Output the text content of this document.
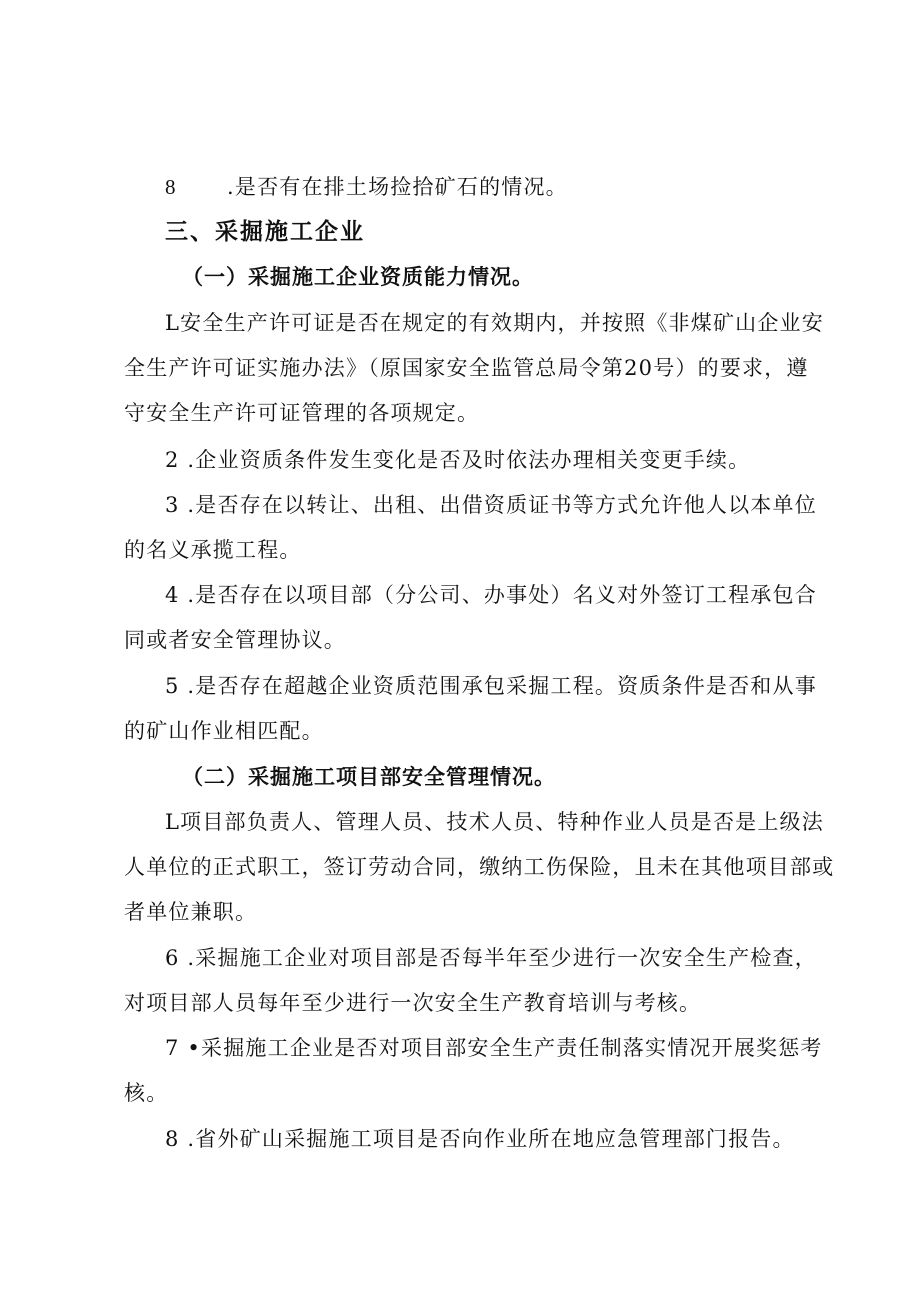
8 .是否有在排土场捡拾矿石的情况。
三、采掘施工企业
（一）采掘施工企业资质能力情况。
L安全生产许可证是否在规定的有效期内，并按照《非煤矿山企业安
全生产许可证实施办法》（原国家安全监管总局令第20号）的要求，遵
守安全生产许可证管理的各项规定。
2 .企业资质条件发生变化是否及时依法办理相关变更手续。
3 .是否存在以转让、出租、出借资质证书等方式允许他人以本单位
的名义承揽工程。
4 .是否存在以项目部（分公司、办事处）名义对外签订工程承包合
同或者安全管理协议。
5 .是否存在超越企业资质范围承包采掘工程。资质条件是否和从事
的矿山作业相匹配。
（二）采掘施工项目部安全管理情况。
L项目部负责人、管理人员、技术人员、特种作业人员是否是上级法
人单位的正式职工，签订劳动合同，缴纳工伤保险，且未在其他项目部或
者单位兼职。
6 .采掘施工企业对项目部是否每半年至少进行一次安全生产检查，
对项目部人员每年至少进行一次安全生产教育培训与考核。
7 •采掘施工企业是否对项目部安全生产责任制落实情况开展奖惩考
核。
8 .省外矿山采掘施工项目是否向作业所在地应急管理部门报告。
